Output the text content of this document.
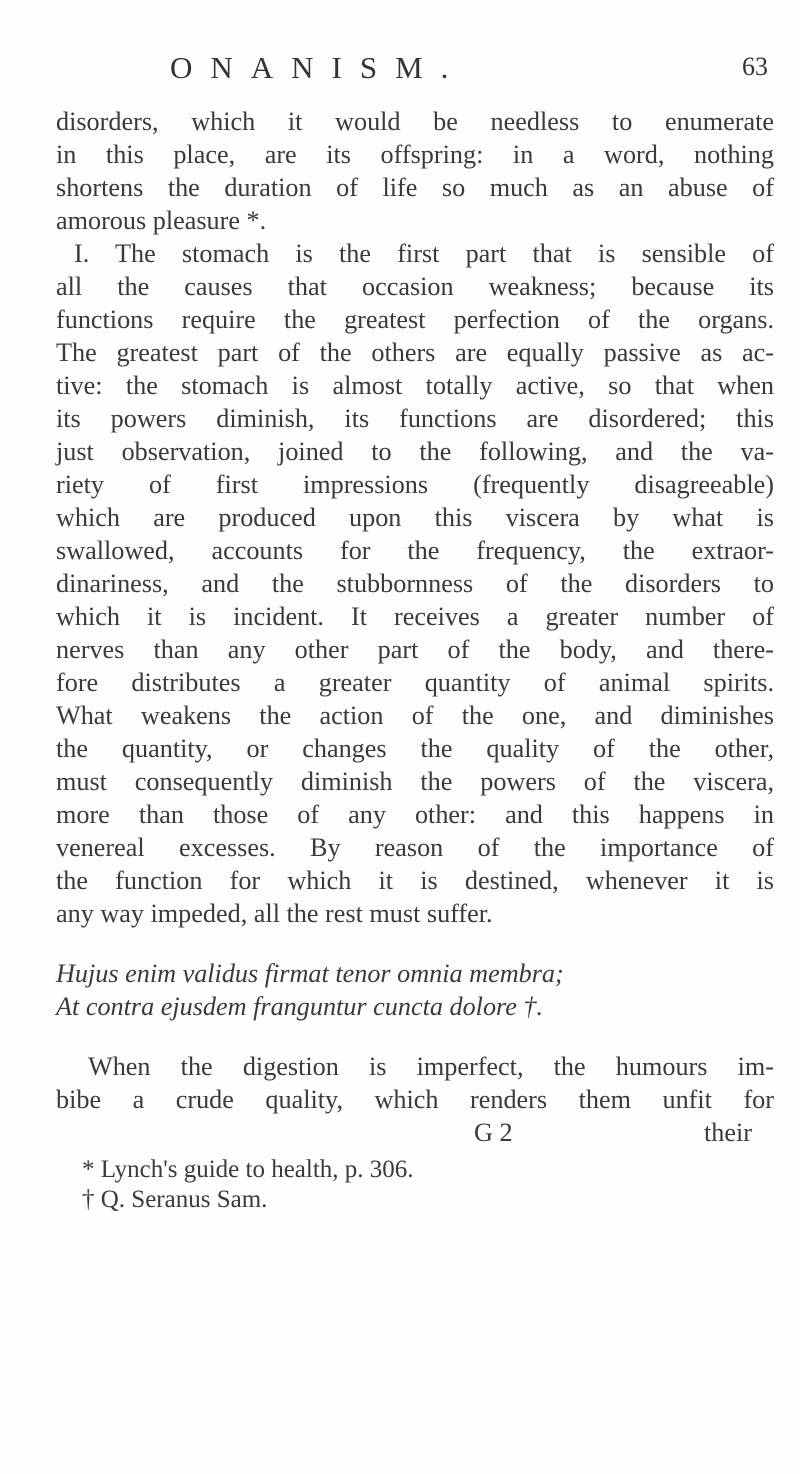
ONANISM.	63
disorders, which it would be needless to enumerate
in this place, are its offspring: in a word, nothing
shortens the duration of life so much as an abuse of
amorous pleasure *.
I. The stomach is the first part that is sensible of
all the causes that occasion weakness; because its
functions require the greatest perfection of the organs.
The greatest part of the others are equally passive as ac-
tive: the stomach is almost totally active, so that when
its powers diminish, its functions are disordered; this
just observation, joined to the following, and the va-
riety of first impressions (frequently disagreeable)
which are produced upon this viscera by what is
swallowed, accounts for the frequency, the extraor-
dinariness, and the stubbornness of the disorders to
which it is incident. It receives a greater number of
nerves than any other part of the body, and there-
fore distributes a greater quantity of animal spirits.
What weakens the action of the one, and diminishes
the quantity, or changes the quality of the other,
must consequently diminish the powers of the viscera,
more than those of any other: and this happens in
venereal excesses. By reason of the importance of
the function for which it is destined, whenever it is
any way impeded, all the rest must suffer.
Hujus enim validus firmat tenor omnia membra;
At contra ejusdem franguntur cuncta dolore †.
When the digestion is imperfect, the humours im-
bibe a crude quality, which renders them unfit for
G 2	their
* Lynch's guide to health, p. 306.
† Q. Seranus Sam.
